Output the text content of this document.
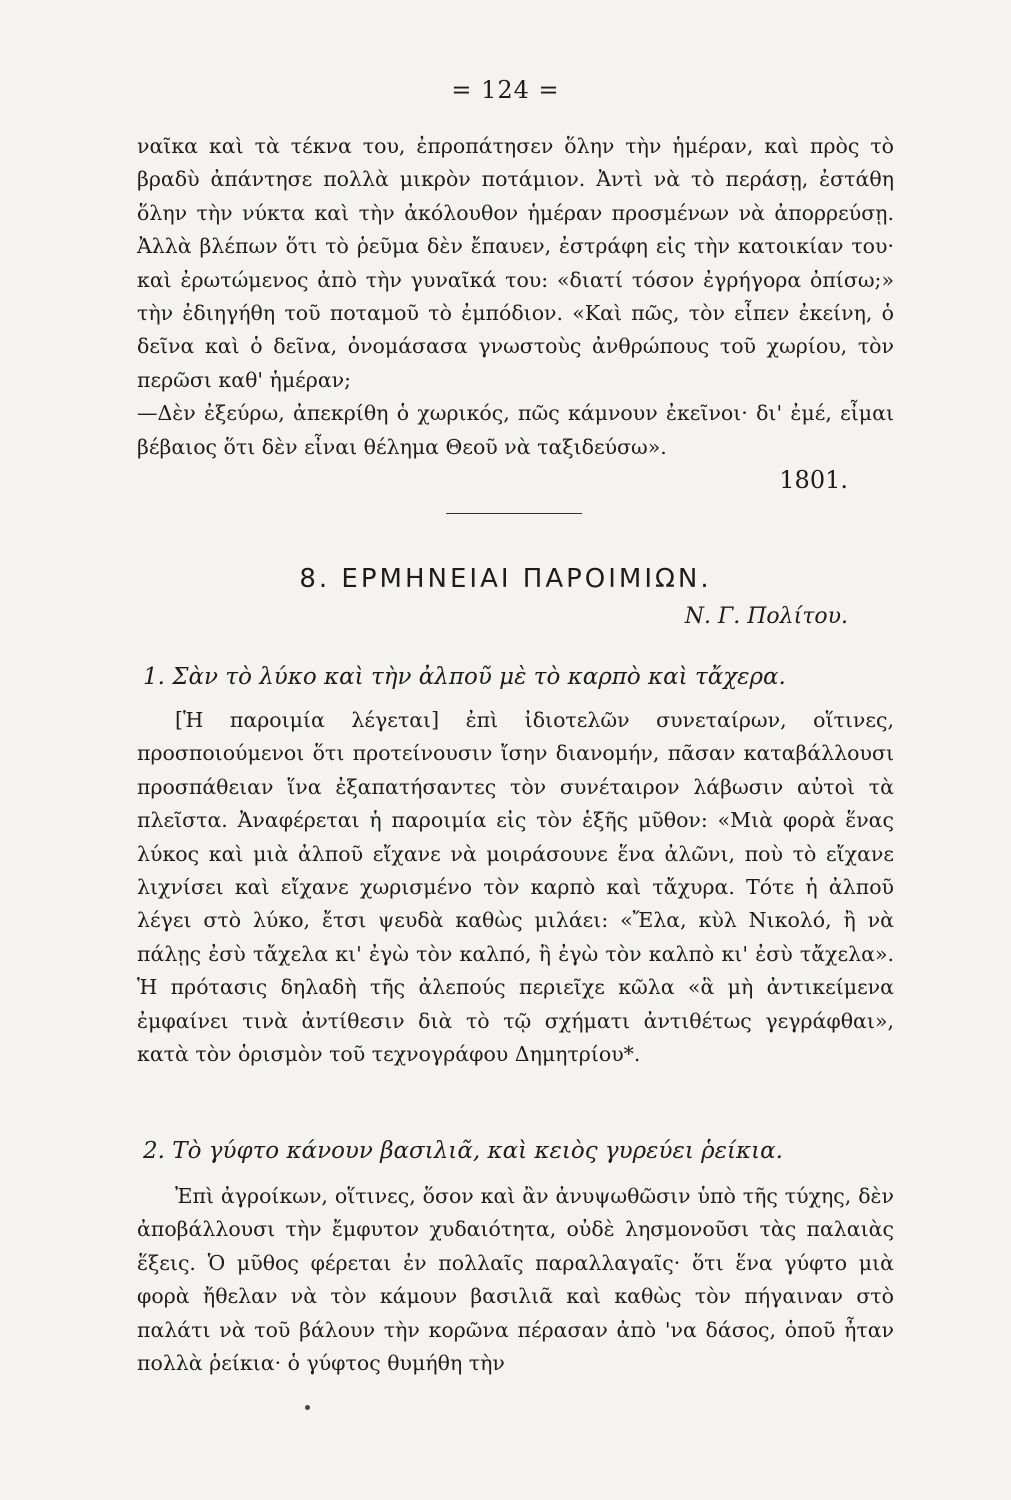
= 124 =

ναῖκα καὶ τὰ τέκνα του, ἐπροπάτησεν ὅλην τὴν ἡμέραν, καὶ πρὸς τὸ βραδὺ ἀπάντησε πολλὰ μικρὸν ποτάμιον. Ἀντὶ νὰ τὸ περάσῃ, ἐστάθη ὅλην τὴν νύκτα καὶ τὴν ἀκόλουθον ἡμέραν προσμένων νὰ ἀπορρεύσῃ. Ἀλλὰ βλέπων ὅτι τὸ ῥεῦμα δὲν ἔπαυεν, ἐστράφη εἰς τὴν κατοικίαν του· καὶ ἐρωτώμενος ἀπὸ τὴν γυναῖκά του: «διατί τόσον ἐγρήγορα ὀπίσω;» τὴν ἐδιηγήθη τοῦ ποταμοῦ τὸ ἐμπόδιον. «Καὶ πῶς, τὸν εἶπεν ἐκείνη, ὁ δεῖνα καὶ ὁ δεῖνα, ὀνομάσασα γνωστοὺς ἀνθρώπους τοῦ χωρίου, τὸν περῶσι καθ' ἡμέραν;

—Δὲν ἐξεύρω, ἀπεκρίθη ὁ χωρικός, πῶς κάμνουν ἐκεῖνοι· δι' ἐμέ, εἶμαι βέβαιος ὅτι δὲν εἶναι θέλημα Θεοῦ νὰ ταξιδεύσω».

1801.
8. ΕΡΜΗΝΕΙΑΙ ΠΑΡΟΙΜΙΩΝ.
Ν. Γ. Πολίτου.
1. Σὰν τὸ λύκο καὶ τὴν ἀλποῦ μὲ τὸ καρπὸ καὶ τἄχερα.

[Ἡ παροιμία λέγεται] ἐπὶ ἰδιοτελῶν συνεταίρων, οἵτινες, προσποιούμενοι ὅτι προτείνουσιν ἴσην διανομήν, πᾶσαν καταβάλλουσι προσπάθειαν ἵνα ἐξαπατήσαντες τὸν συνέταιρον λάβωσιν αὐτοὶ τὰ πλεῖστα. Ἀναφέρεται ἡ παροιμία εἰς τὸν ἑξῆς μῦθον: «Μιὰ φορὰ ἕνας λύκος καὶ μιὰ ἀλποῦ εἴχανε νὰ μοιράσουνε ἕνα ἀλῶνι, ποὺ τὸ εἴχανε λιχνίσει καὶ εἴχανε χωρισμένο τὸν καρπὸ καὶ τἄχυρα. Τότε ἡ ἀλποῦ λέγει στὸ λύκο, ἔτσι ψευδὰ καθὼς μιλάει: «Ἔλα, κὺλ Νικολό, ἢ νὰ πάλῃς ἐσὺ τἄχελα κι' ἐγὼ τὸν καλπό, ἢ ἐγὼ τὸν καλπὸ κι' ἐσὺ τἄχελα». Ἡ πρότασις δηλαδὴ τῆς ἀλεπούς περιεῖχε κῶλα «ἃ μὴ ἀντικείμενα ἐμφαίνει τινὰ ἀντίθεσιν διὰ τὸ τῷ σχήματι ἀντιθέτως γεγράφθαι», κατὰ τὸν ὁρισμὸν τοῦ τεχνογράφου Δημητρίου*.

2. Τὸ γύφτο κάνουν βασιλιᾶ, καὶ κειὸς γυρεύει ῥείκια.

Ἐπὶ ἀγροίκων, οἵτινες, ὅσον καὶ ἂν ἀνυψωθῶσιν ὑπὸ τῆς τύχης, δὲν ἀποβάλλουσι τὴν ἔμφυτον χυδαιότητα, οὐδὲ λησμονοῦσι τὰς παλαιὰς ἕξεις. Ὁ μῦθος φέρεται ἐν πολλαῖς παραλλαγαῖς· ὅτι ἕνα γύφτο μιὰ φορὰ ἤθελαν νὰ τὸν κάμουν βασιλιᾶ καὶ καθὼς τὸν πήγαιναν στὸ παλάτι νὰ τοῦ βάλουν τὴν κορῶνα πέρασαν ἀπὸ 'να δάσος, ὁποῦ ἦταν πολλὰ ῥείκια· ὁ γύφτος θυμήθη τὴν
